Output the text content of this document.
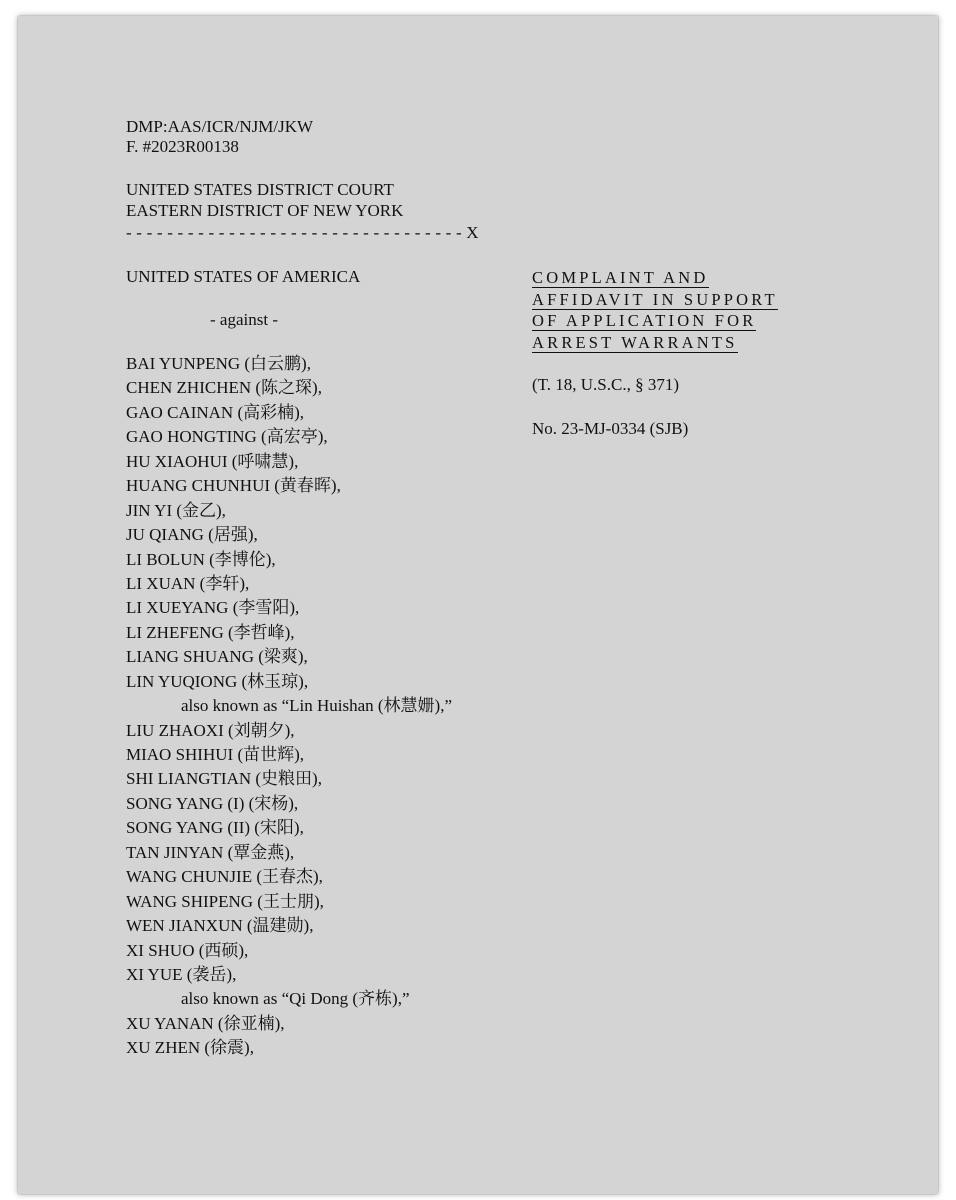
DMP:AAS/ICR/NJM/JKW
F. #2023R00138
UNITED STATES DISTRICT COURT
EASTERN DISTRICT OF NEW YORK
- - - - - - - - - - - - - - - - - - - - - - - - - - - - - - - - - X
UNITED STATES OF AMERICA
- against -
COMPLAINT AND
AFFIDAVIT IN SUPPORT
OF APPLICATION FOR
ARREST WARRANTS
(T. 18, U.S.C., § 371)
No. 23-MJ-0334 (SJB)
BAI YUNPENG (白云鹏),
CHEN ZHICHEN (陈之琛),
GAO CAINAN (高彩楠),
GAO HONGTING (高宏亭),
HU XIAOHUI (呼啸慧),
HUANG CHUNHUI (黄春晖),
JIN YI (金乙),
JU QIANG (居强),
LI BOLUN (李博伦),
LI XUAN (李轩),
LI XUEYANG (李雪阳),
LI ZHEFENG (李哲峰),
LIANG SHUANG (梁爽),
LIN YUQIONG (林玉琼),
also known as “Lin Huishan (林慧姗),”
LIU ZHAOXI (刘朝夕),
MIAO SHIHUI (苗世辉),
SHI LIANGTIAN (史粮田),
SONG YANG (I) (宋杨),
SONG YANG (II) (宋阳),
TAN JINYAN (覃金燕),
WANG CHUNJIE (王春杰),
WANG SHIPENG (王士朋),
WEN JIANXUN (温建勋),
XI SHUO (西硕),
XI YUE (袭岳),
also known as “Qi Dong (齐栋),”
XU YANAN (徐亚楠),
XU ZHEN (徐震),
